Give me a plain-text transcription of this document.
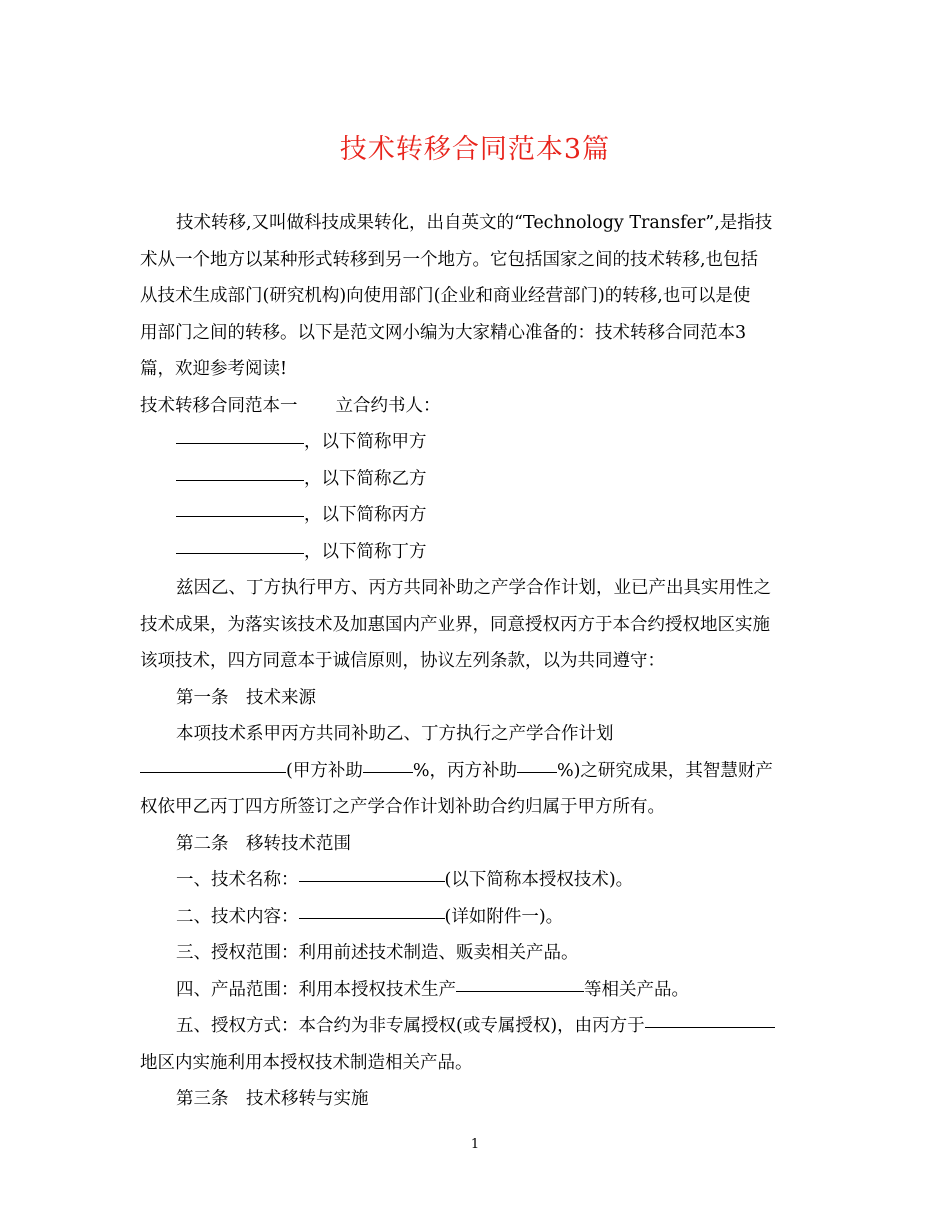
技术转移合同范本3篇

技术转移,又叫做科技成果转化，出自英文的“Technology Transfer”,是指技

术从一个地方以某种形式转移到另一个地方。它包括国家之间的技术转移,也包括

从技术生成部门(研究机构)向使用部门(企业和商业经营部门)的转移,也可以是使

用部门之间的转移。以下是范文网小编为大家精心准备的：技术转移合同范本3

篇，欢迎参考阅读!

技术转移合同范本一 立合约书人：

，以下简称甲方

，以下简称乙方

，以下简称丙方

，以下简称丁方

兹因乙、丁方执行甲方、丙方共同补助之产学合作计划，业已产出具实用性之

技术成果，为落实该技术及加惠国内产业界，同意授权丙方于本合约授权地区实施

该项技术，四方同意本于诚信原则，协议左列条款，以为共同遵守：

第一条　技术来源

本项技术系甲丙方共同补助乙、丁方执行之产学合作计划

(甲方补助	%，丙方补助 %)之研究成果，其智慧财产

权依甲乙丙丁四方所签订之产学合作计划补助合约归属于甲方所有。

第二条　移转技术范围

一、技术名称：	(以下简称本授权技术)。

二、技术内容：	(详如附件一)。

三、授权范围：利用前述技术制造、贩卖相关产品。

四、产品范围：利用本授权技术生产	等相关产品。

五、授权方式：本合约为非专属授权(或专属授权)，由丙方于

地区内实施利用本授权技术制造相关产品。

第三条　技术移转与实施

1
